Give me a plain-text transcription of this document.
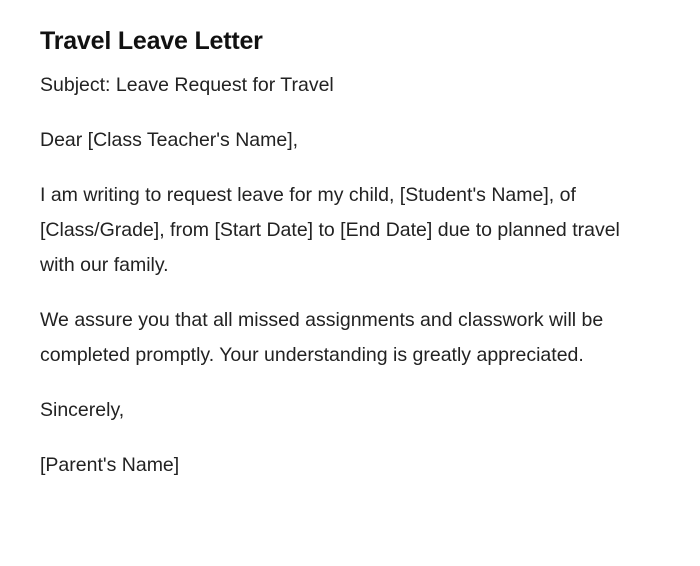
Travel Leave Letter

Subject: Leave Request for Travel

Dear [Class Teacher's Name],

I am writing to request leave for my child, [Student's Name], of [Class/Grade], from [Start Date] to [End Date] due to planned travel with our family.

We assure you that all missed assignments and classwork will be completed promptly. Your understanding is greatly appreciated.

Sincerely,

[Parent's Name]
